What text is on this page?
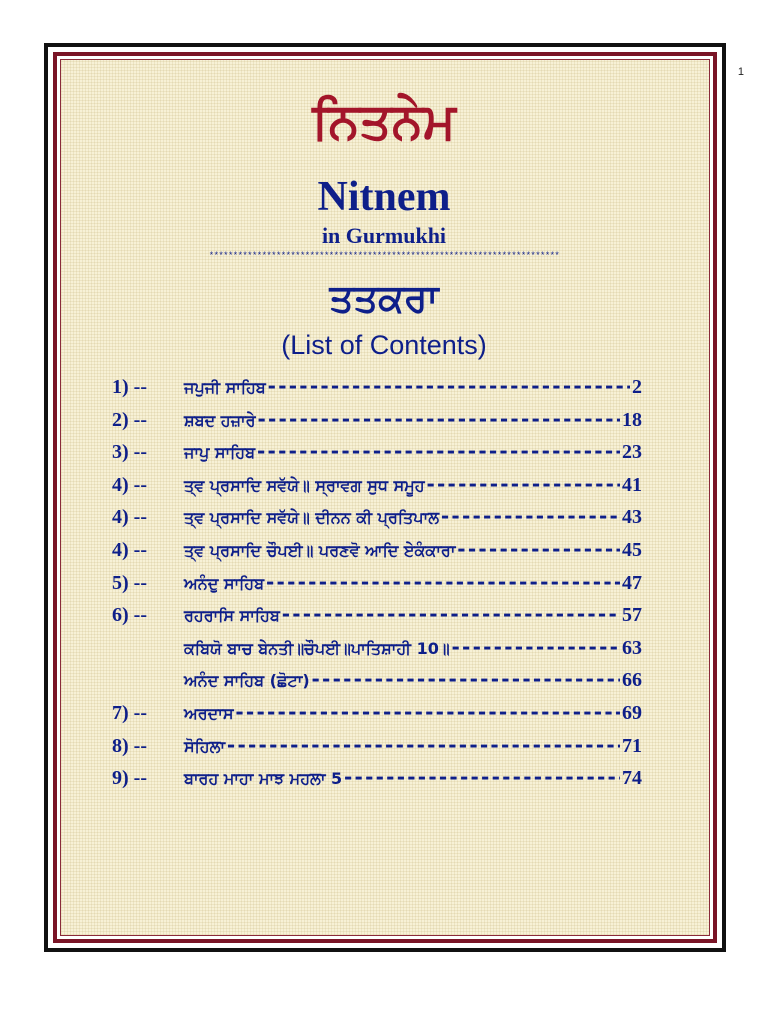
1
ਨਿਤਨੇਮ
Nitnem
in Gurmukhi
*************************************************************************
ਤਤਕਰਾ
(List of Contents)
1) --	ਜਪੁਜੀ ਸਾਹਿਬ -----	2
2) --	ਸ਼ਬਦ ਹਜ਼ਾਰੇ -----	18
3) --	ਜਾਪੁ ਸਾਹਿਬ -----	23
4) --	ਤ੍ਵ ਪ੍ਰਸਾਦਿ ਸਵੱਯੇ॥ ਸ੍ਰਾਵਗ ਸੁਧ ਸਮੂਹ -----	41
4) --	ਤ੍ਵ ਪ੍ਰਸਾਦਿ ਸਵੱਯੇ॥ ਦੀਨਨ ਕੀ ਪ੍ਰਤਿਪਾਲ -----	43
4) --	ਤ੍ਵ ਪ੍ਰਸਾਦਿ ਚੌਪਈ॥ ਪਰਣਵੋ ਆਦਿ ਏਕੰਕਾਰਾ -----	45
5) --	ਅਨੰਦੁ ਸਾਹਿਬ -----	47
6) --	ਰਹਰਾਸਿ ਸਾਹਿਬ -----	57
ਕਬਿਯੋ ਬਾਚ ਬੇਨਤੀ॥ਚੌਪਈ॥ਪਾਤਿਸ਼ਾਹੀ 10॥ -----	63
ਅਨੰਦ ਸਾਹਿਬ (ਛੋਟਾ) -----	66
7) --	ਅਰਦਾਸ -----	69
8) --	ਸੋਹਿਲਾ -----	71
9) --	ਬਾਰਹ ਮਾਹਾ ਮਾਝ ਮਹਲਾ 5 -----	74
